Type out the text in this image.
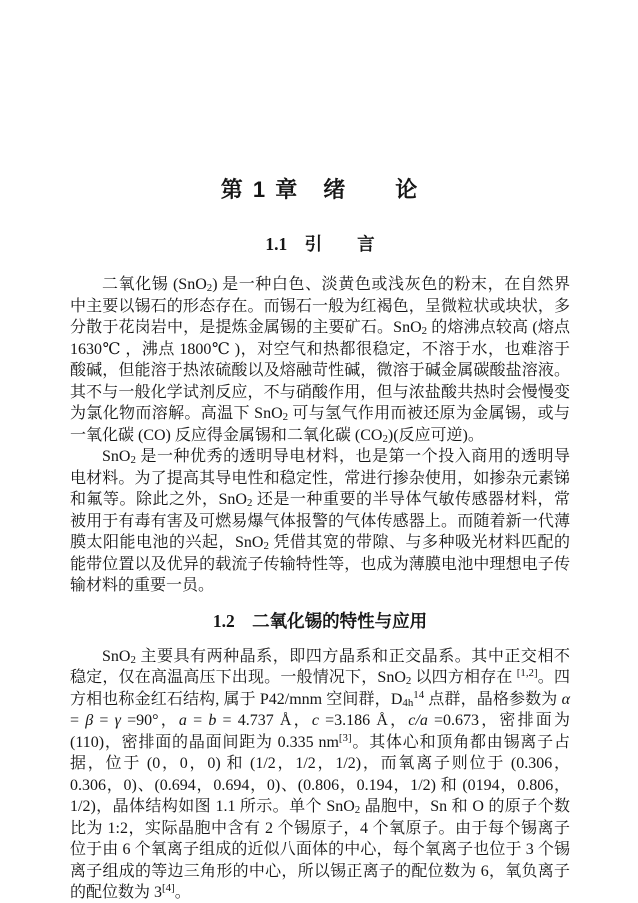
第 1 章　绪　　论
1.1　引　　言

二氧化锡 (SnO$_2$) 是一种白色、淡黄色或浅灰色的粉末，在自然界中主要以锡石的形态存在。而锡石一般为红褐色，呈微粒状或块状，多分散于花岗岩中，是提炼金属锡的主要矿石。SnO$_2$ 的熔沸点较高 (熔点 1630℃ ，沸点 1800℃ )，对空气和热都很稳定，不溶于水，也难溶于酸碱，但能溶于热浓硫酸以及熔融苛性碱，微溶于碱金属碳酸盐溶液。其不与一般化学试剂反应，不与硝酸作用，但与浓盐酸共热时会慢慢变为氯化物而溶解。高温下 SnO$_2$ 可与氢气作用而被还原为金属锡，或与一氧化碳 (CO) 反应得金属锡和二氧化碳 $(CO_2)$(反应可逆)。

SnO$_2$ 是一种优秀的透明导电材料，也是第一个投入商用的透明导电材料。为了提高其导电性和稳定性，常进行掺杂使用，如掺杂元素锑和氟等。除此之外，SnO$_2$ 还是一种重要的半导体气敏传感器材料，常被用于有毒有害及可燃易爆气体报警的气体传感器上。而随着新一代薄膜太阳能电池的兴起，SnO$_2$ 凭借其宽的带隙、与多种吸光材料匹配的能带位置以及优异的载流子传输特性等，也成为薄膜电池中理想电子传输材料的重要一员。

1.2　二氧化锡的特性与应用

SnO$_2$ 主要具有两种晶系，即四方晶系和正交晶系。其中正交相不稳定，仅在高温高压下出现。一般情况下，SnO$_2$ 以四方相存在 [1,2]。四方相也称金红石结构, 属于 P42/mnm 空间群，$D_{4h}^{14}$ 点群，晶格参数为 α = β = γ =90°，a = b = 4.737 Å，c =3.186 Å，c/a =0.673，密排面为 (110)，密排面的晶面间距为 0.335 nm[3]。其体心和顶角都由锡离子占据，位于 (0，0，0) 和 (1/2，1/2，1/2)，而氧离子则位于 (0.306，0.306，0)、(0.694，0.694，0)、(0.806，0.194，1/2) 和 (0194，0.806，1/2)，晶体结构如图 1.1 所示。单个 SnO$_2$ 晶胞中，Sn 和 O 的原子个数比为 1:2，实际晶胞中含有 2 个锡原子，4 个氧原子。由于每个锡离子位于由 6 个氧离子组成的近似八面体的中心，每个氧离子也位于 3 个锡离子组成的等边三角形的中心，所以锡正离子的配位数为 6，氧负离子的配位数为 3[4]。
